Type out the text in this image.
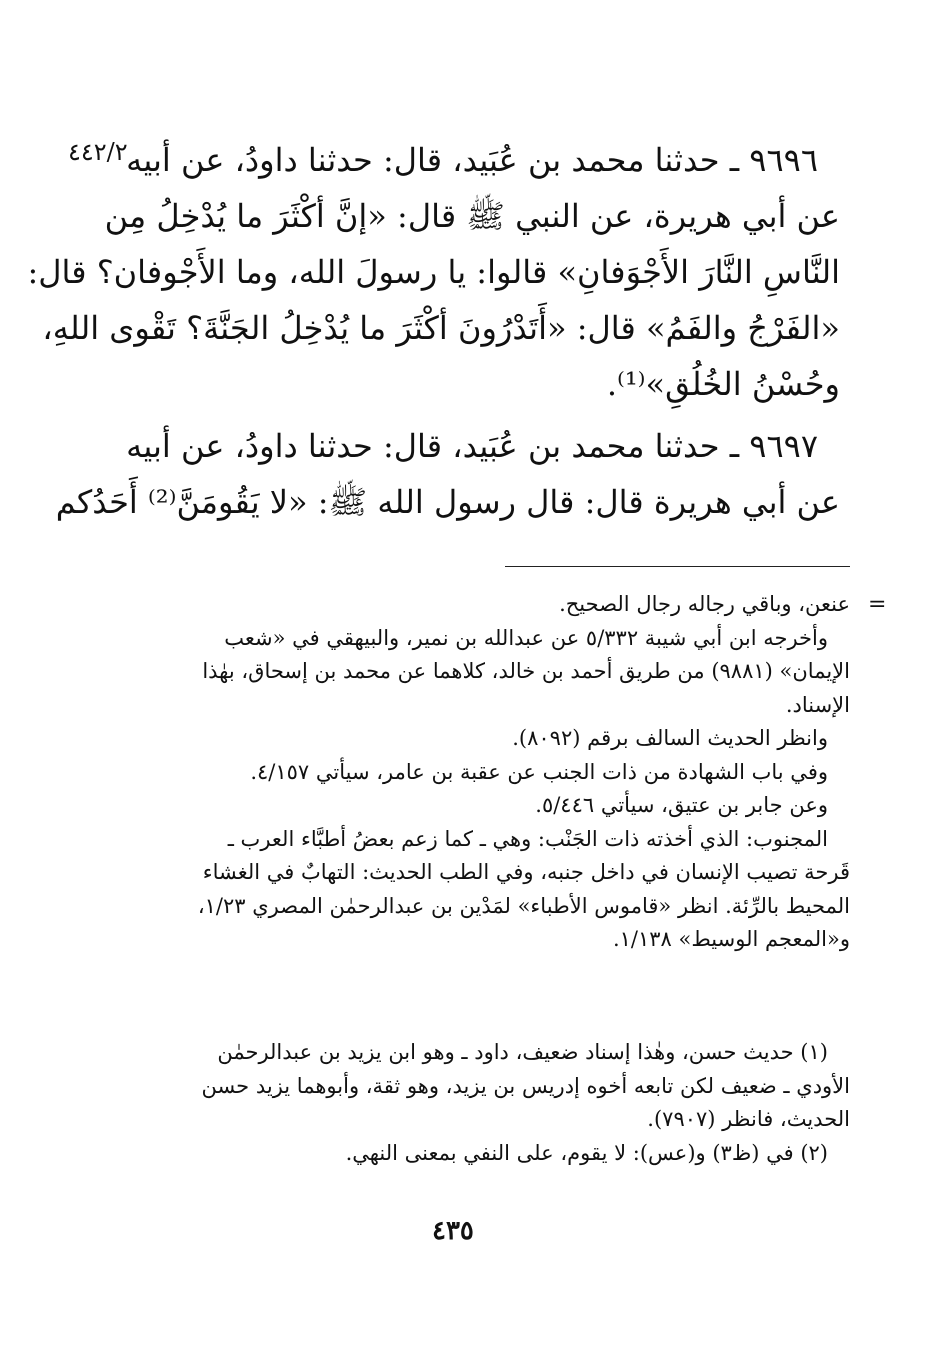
٤٤٢/٢
٩٦٩٦ ـ حدثنا محمد بن عُبَيد، قال: حدثنا داودُ، عن أبيه
عن أبي هريرة، عن النبي ﷺ قال: «إنَّ أكْثَرَ ما يُدْخِلُ مِن
النَّاسِ النَّارَ الأَجْوَفانِ» قالوا: يا رسولَ الله، وما الأَجْوفان؟ قال:
«الفَرْجُ والفَمُ» قال: «أَتَدْرُونَ أكْثَرَ ما يُدْخِلُ الجَنَّةَ؟ تَقْوى اللهِ،
وحُسْنُ الخُلُقِ»⁽¹⁾.
٩٦٩٧ ـ حدثنا محمد بن عُبَيد، قال: حدثنا داودُ، عن أبيه
عن أبي هريرة قال: قال رسول الله ﷺ: «لا يَقُومَنَّ⁽²⁾ أَحَدُكم
=
عنعن، وباقي رجاله رجال الصحيح.
وأخرجه ابن أبي شيبة ٥/٣٣٢ عن عبدالله بن نمير، والبيهقي في «شعب
الإيمان» (٩٨٨١) من طريق أحمد بن خالد، كلاهما عن محمد بن إسحاق، بهٰذا
الإسناد.
وانظر الحديث السالف برقم (٨٠٩٢).
وفي باب الشهادة من ذات الجنب عن عقبة بن عامر، سيأتي ٤/١٥٧.
وعن جابر بن عتيق، سيأتي ٥/٤٤٦.
المجنوب: الذي أخذته ذات الجَنْب: وهي ـ كما زعم بعضُ أطبَّاء العرب ـ
قَرحة تصيب الإنسان في داخل جنبه، وفي الطب الحديث: التهابٌ في الغشاء
المحيط بالرِّئة. انظر «قاموس الأطباء» لمَدْين بن عبدالرحمٰن المصري ١/٢٣،
و«المعجم الوسيط» ١/١٣٨.
(١) حديث حسن، وهٰذا إسناد ضعيف، داود ـ وهو ابن يزيد بن عبدالرحمٰن
الأودي ـ ضعيف لكن تابعه أخوه إدريس بن يزيد، وهو ثقة، وأبوهما يزيد حسن
الحديث، فانظر (٧٩٠٧).
(٢) في (ظ٣) و(عس): لا يقوم، على النفي بمعنى النهي.
٤٣٥
